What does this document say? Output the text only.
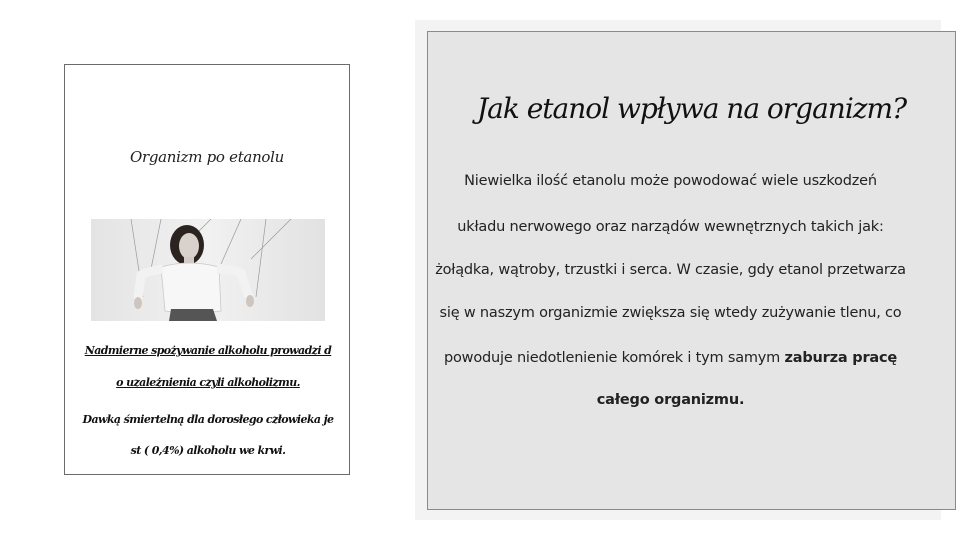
Organizm po etanolu
Nadmierne spożywanie alkoholu prowadzi d
o uzależnienia czyli alkoholizmu.
Dawką śmiertelną dla dorosłego człowieka je
st ( 0,4%) alkoholu we krwi.
Jak etanol wpływa na organizm?
Niewielka ilość etanolu może powodować wiele uszkodzeń
układu nerwowego oraz narządów wewnętrznych takich jak:
żołądka, wątroby, trzustki i serca. W czasie, gdy etanol przetwarza
się w naszym organizmie zwiększa się wtedy zużywanie tlenu, co
powoduje niedotlenienie komórek i tym samym zaburza pracę
całego organizmu.
